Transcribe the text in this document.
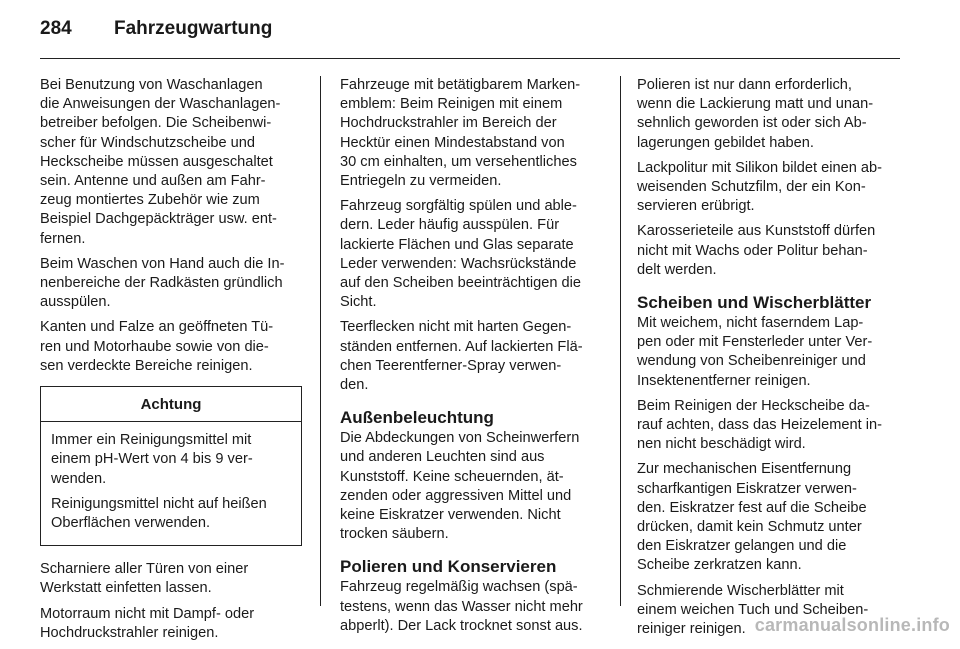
284 Fahrzeugwartung

Bei Benutzung von Waschanlagen
die Anweisungen der Waschanlagen-
betreiber befolgen. Die Scheibenwi-
scher für Windschutzscheibe und
Heckscheibe müssen ausgeschaltet
sein. Antenne und außen am Fahr-
zeug montiertes Zubehör wie zum
Beispiel Dachgepäckträger usw. ent-
fernen.

Beim Waschen von Hand auch die In-
nenbereiche der Radkästen gründlich
ausspülen.

Kanten und Falze an geöffneten Tü-
ren und Motorhaube sowie von die-
sen verdeckte Bereiche reinigen.

Achtung

Immer ein Reinigungsmittel mit
einem pH-Wert von 4 bis 9 ver-
wenden.

Reinigungsmittel nicht auf heißen
Oberflächen verwenden.

Scharniere aller Türen von einer
Werkstatt einfetten lassen.

Motorraum nicht mit Dampf- oder
Hochdruckstrahler reinigen.

Fahrzeuge mit betätigbarem Marken-
emblem: Beim Reinigen mit einem
Hochdruckstrahler im Bereich der
Hecktür einen Mindestabstand von
30 cm einhalten, um versehentliches
Entriegeln zu vermeiden.

Fahrzeug sorgfältig spülen und able-
dern. Leder häufig ausspülen. Für
lackierte Flächen und Glas separate
Leder verwenden: Wachsrückstände
auf den Scheiben beeinträchtigen die
Sicht.

Teerflecken nicht mit harten Gegen-
ständen entfernen. Auf lackierten Flä-
chen Teerentferner-Spray verwen-
den.

Außenbeleuchtung

Die Abdeckungen von Scheinwerfern
und anderen Leuchten sind aus
Kunststoff. Keine scheuernden, ät-
zenden oder aggressiven Mittel und
keine Eiskratzer verwenden. Nicht
trocken säubern.

Polieren und Konservieren

Fahrzeug regelmäßig wachsen (spä-
testens, wenn das Wasser nicht mehr
abperlt). Der Lack trocknet sonst aus.

Polieren ist nur dann erforderlich,
wenn die Lackierung matt und unan-
sehnlich geworden ist oder sich Ab-
lagerungen gebildet haben.

Lackpolitur mit Silikon bildet einen ab-
weisenden Schutzfilm, der ein Kon-
servieren erübrigt.

Karosserieteile aus Kunststoff dürfen
nicht mit Wachs oder Politur behan-
delt werden.

Scheiben und Wischerblätter

Mit weichem, nicht faserndem Lap-
pen oder mit Fensterleder unter Ver-
wendung von Scheibenreiniger und
Insektenentferner reinigen.

Beim Reinigen der Heckscheibe da-
rauf achten, dass das Heizelement in-
nen nicht beschädigt wird.

Zur mechanischen Eisentfernung
scharfkantigen Eiskratzer verwen-
den. Eiskratzer fest auf die Scheibe
drücken, damit kein Schmutz unter
den Eiskratzer gelangen und die
Scheibe zerkratzen kann.

Schmierende Wischerblätter mit
einem weichen Tuch und Scheiben-
reiniger reinigen. carmanualsonline.info
